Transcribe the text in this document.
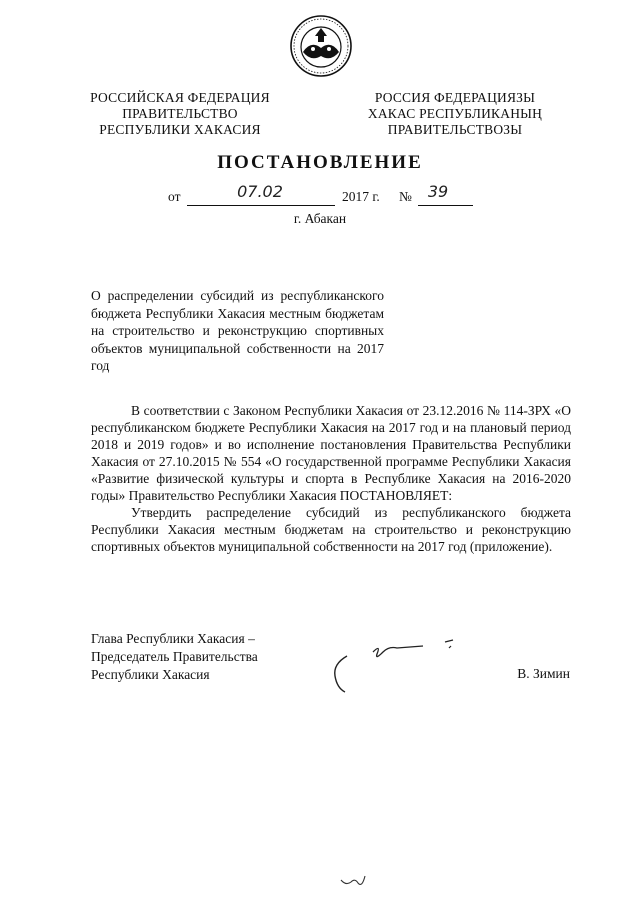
РОССИЙСКАЯ ФЕДЕРАЦИЯ
ПРАВИТЕЛЬСТВО
РЕСПУБЛИКИ ХАКАСИЯ
РОССИЯ ФЕДЕРАЦИЯЗЫ
ХАКАС РЕСПУБЛИКАНЫҢ
ПРАВИТЕЛЬСТВОЗЫ
ПОСТАНОВЛЕНИЕ
от	07.02	2017 г. № 39
г. Абакан
О распределении субсидий из республиканского бюджета Республики Хакасия местным бюджетам на строительство и реконструкцию спортивных объектов муниципальной собственности на 2017 год

В соответствии с Законом Республики Хакасия от 23.12.2016 № 114-ЗРХ «О республиканском бюджете Республики Хакасия на 2017 год и на плановый период 2018 и 2019 годов» и во исполнение постановления Правительства Республики Хакасия от 27.10.2015 № 554 «О государственной программе Республики Хакасия «Развитие физической культуры и спорта в Республике Хакасия на 2016-2020 годы» Правительство Республики Хакасия ПОСТАНОВЛЯЕТ:

Утвердить распределение субсидий из республиканского бюджета Республики Хакасия местным бюджетам на строительство и реконструкцию спортивных объектов муниципальной собственности на 2017 год (приложение).

Глава Республики Хакасия –
Председатель Правительства
Республики Хакасия	В. Зимин
